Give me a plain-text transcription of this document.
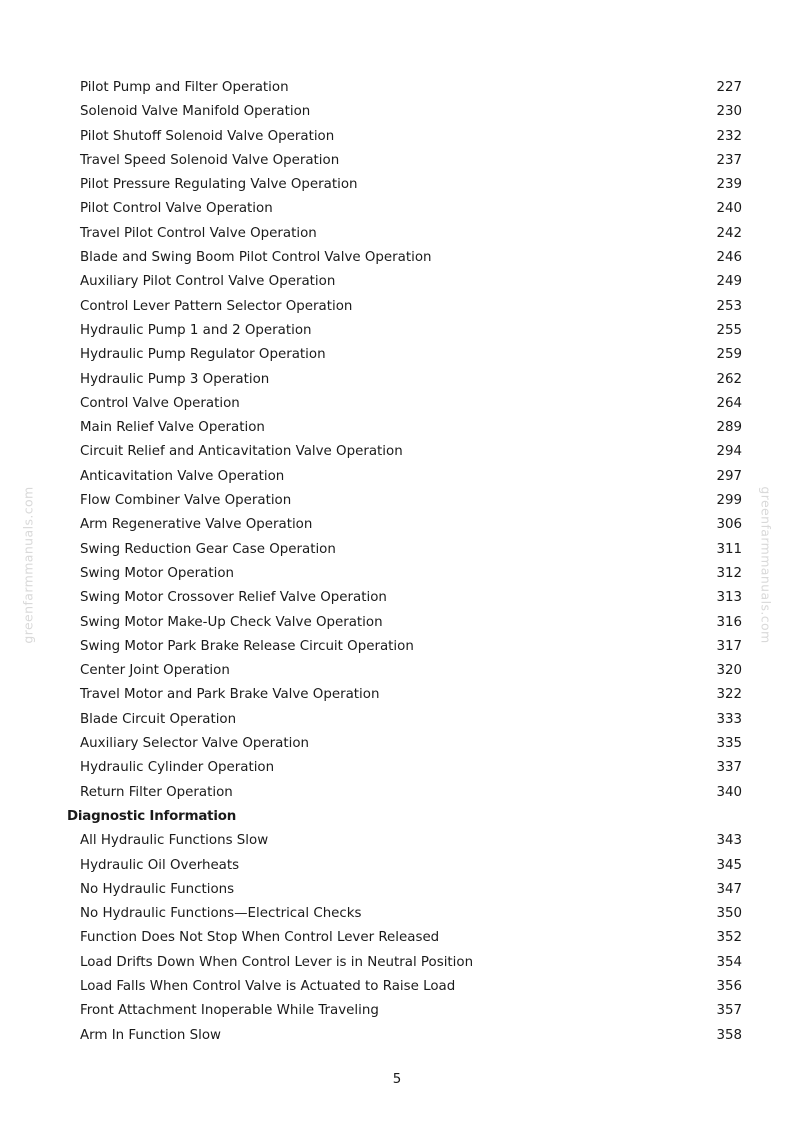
Pilot Pump and Filter Operation	227
Solenoid Valve Manifold Operation	230
Pilot Shutoff Solenoid Valve Operation	232
Travel Speed Solenoid Valve Operation	237
Pilot Pressure Regulating Valve Operation	239
Pilot Control Valve Operation	240
Travel Pilot Control Valve Operation	242
Blade and Swing Boom Pilot Control Valve Operation	246
Auxiliary Pilot Control Valve Operation	249
Control Lever Pattern Selector Operation	253
Hydraulic Pump 1 and 2 Operation	255
Hydraulic Pump Regulator Operation	259
Hydraulic Pump 3 Operation	262
Control Valve Operation	264
Main Relief Valve Operation	289
Circuit Relief and Anticavitation Valve Operation	294
Anticavitation Valve Operation	297
Flow Combiner Valve Operation	299
Arm Regenerative Valve Operation	306
Swing Reduction Gear Case Operation	311
Swing Motor Operation	312
Swing Motor Crossover Relief Valve Operation	313
Swing Motor Make-Up Check Valve Operation	316
Swing Motor Park Brake Release Circuit Operation	317
Center Joint Operation	320
Travel Motor and Park Brake Valve Operation	322
Blade Circuit Operation	333
Auxiliary Selector Valve Operation	335
Hydraulic Cylinder Operation	337
Return Filter Operation	340
Diagnostic Information
All Hydraulic Functions Slow	343
Hydraulic Oil Overheats	345
No Hydraulic Functions	347
No Hydraulic Functions—Electrical Checks	350
Function Does Not Stop When Control Lever Released	352
Load Drifts Down When Control Lever is in Neutral Position	354
Load Falls When Control Valve is Actuated to Raise Load	356
Front Attachment Inoperable While Traveling	357
Arm In Function Slow	358
5
greenfarmmanuals.com	greenfarmmanuals.com
